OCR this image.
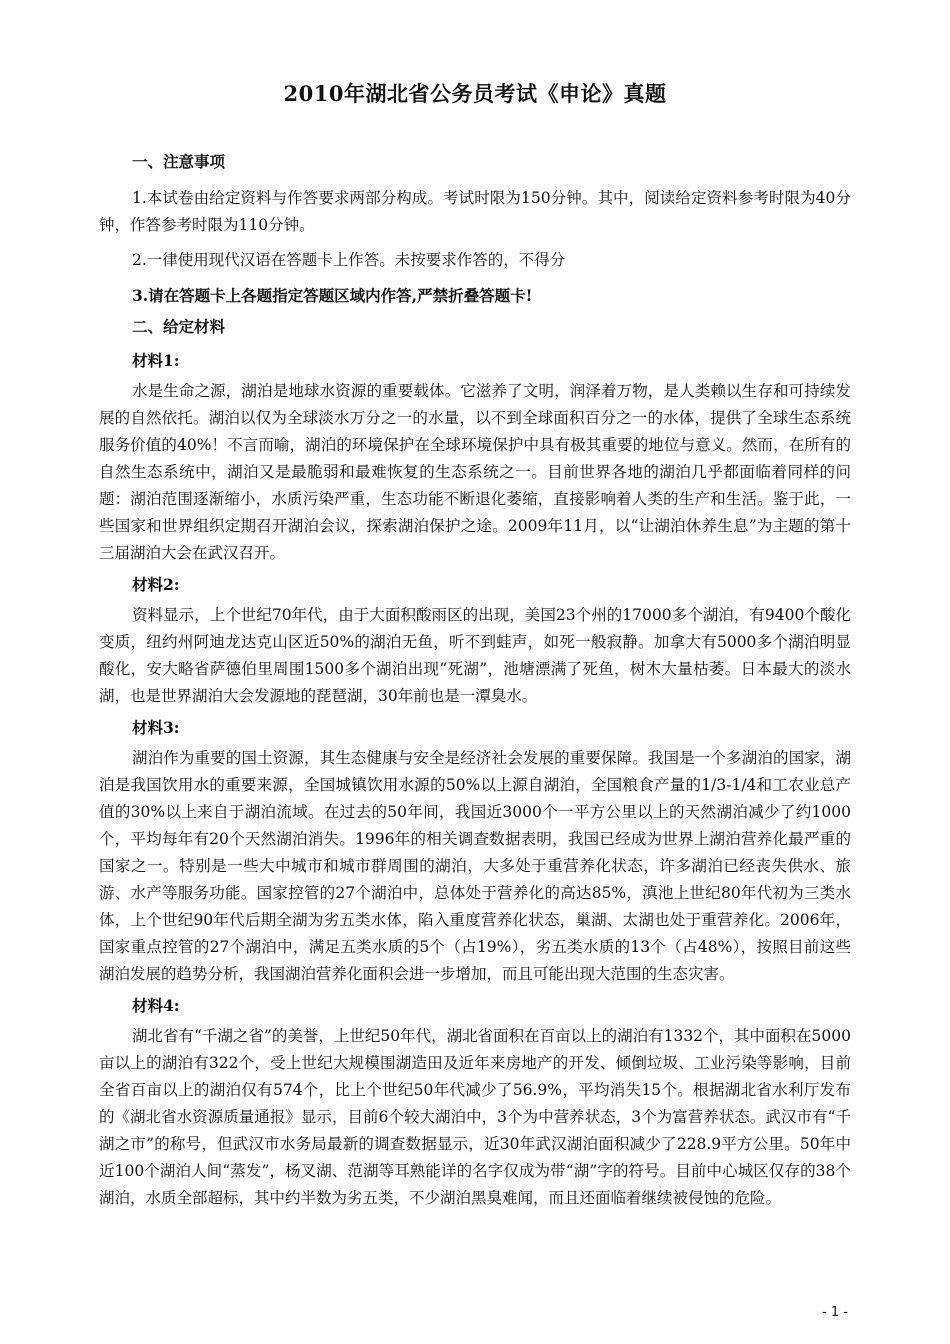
2010年湖北省公务员考试《申论》真题
一、注意事项

1.本试卷由给定资料与作答要求两部分构成。考试时限为150分钟。其中，阅读给定资料参考时限为40分钟，作答参考时限为110分钟。

2.一律使用现代汉语在答题卡上作答。未按要求作答的，不得分

3.请在答题卡上各题指定答题区域内作答,严禁折叠答题卡!

二、给定材料
材料1:

水是生命之源，湖泊是地球水资源的重要载体。它滋养了文明，润泽着万物，是人类赖以生存和可持续发展的自然依托。湖泊以仅为全球淡水万分之一的水量，以不到全球面积百分之一的水体，提供了全球生态系统服务价值的40%！不言而喻，湖泊的环境保护在全球环境保护中具有极其重要的地位与意义。然而，在所有的自然生态系统中，湖泊又是最脆弱和最难恢复的生态系统之一。目前世界各地的湖泊几乎都面临着同样的问题：湖泊范围逐渐缩小，水质污染严重，生态功能不断退化萎缩，直接影响着人类的生产和生活。鉴于此，一些国家和世界组织定期召开湖泊会议，探索湖泊保护之途。2009年11月，以“让湖泊休养生息”为主题的第十三届湖泊大会在武汉召开。

材料2:

资料显示，上个世纪70年代，由于大面积酸雨区的出现，美国23个州的17000多个湖泊，有9400个酸化变质，纽约州阿迪龙达克山区近50%的湖泊无鱼，听不到蛙声，如死一般寂静。加拿大有5000多个湖泊明显酸化，安大略省萨德伯里周围1500多个湖泊出现“死湖”，池塘漂满了死鱼，树木大量枯萎。日本最大的淡水湖，也是世界湖泊大会发源地的琵琶湖，30年前也是一潭臭水。

材料3:

湖泊作为重要的国土资源，其生态健康与安全是经济社会发展的重要保障。我国是一个多湖泊的国家，湖泊是我国饮用水的重要来源，全国城镇饮用水源的50%以上源自湖泊，全国粮食产量的1/3-1/4和工农业总产值的30%以上来自于湖泊流域。在过去的50年间，我国近3000个一平方公里以上的天然湖泊减少了约1000个，平均每年有20个天然湖泊消失。1996年的相关调查数据表明，我国已经成为世界上湖泊营养化最严重的国家之一。特别是一些大中城市和城市群周围的湖泊，大多处于重营养化状态，许多湖泊已经丧失供水、旅游、水产等服务功能。国家控管的27个湖泊中，总体处于营养化的高达85%，滇池上世纪80年代初为三类水体，上个世纪90年代后期全湖为劣五类水体，陷入重度营养化状态，巢湖、太湖也处于重营养化。2006年，国家重点控管的27个湖泊中，满足五类水质的5个（占19%），劣五类水质的13个（占48%），按照目前这些湖泊发展的趋势分析，我国湖泊营养化面积会进一步增加，而且可能出现大范围的生态灾害。

材料4:

湖北省有“千湖之省”的美誉，上世纪50年代，湖北省面积在百亩以上的湖泊有1332个，其中面积在5000亩以上的湖泊有322个，受上世纪大规模围湖造田及近年来房地产的开发、倾倒垃圾、工业污染等影响，目前全省百亩以上的湖泊仅有574个，比上个世纪50年代减少了56.9%，平均消失15个。根据湖北省水利厅发布的《湖北省水资源质量通报》显示，目前6个较大湖泊中，3个为中营养状态，3个为富营养状态。武汉市有“千湖之市”的称号，但武汉市水务局最新的调查数据显示，近30年武汉湖泊面积减少了228.9平方公里。50年中近100个湖泊人间“蒸发”，杨叉湖、范湖等耳熟能详的名字仅成为带“湖”字的符号。目前中心城区仅存的38个湖泊，水质全部超标，其中约半数为劣五类，不少湖泊黑臭难闻，而且还面临着继续被侵蚀的危险。

- 1 -
